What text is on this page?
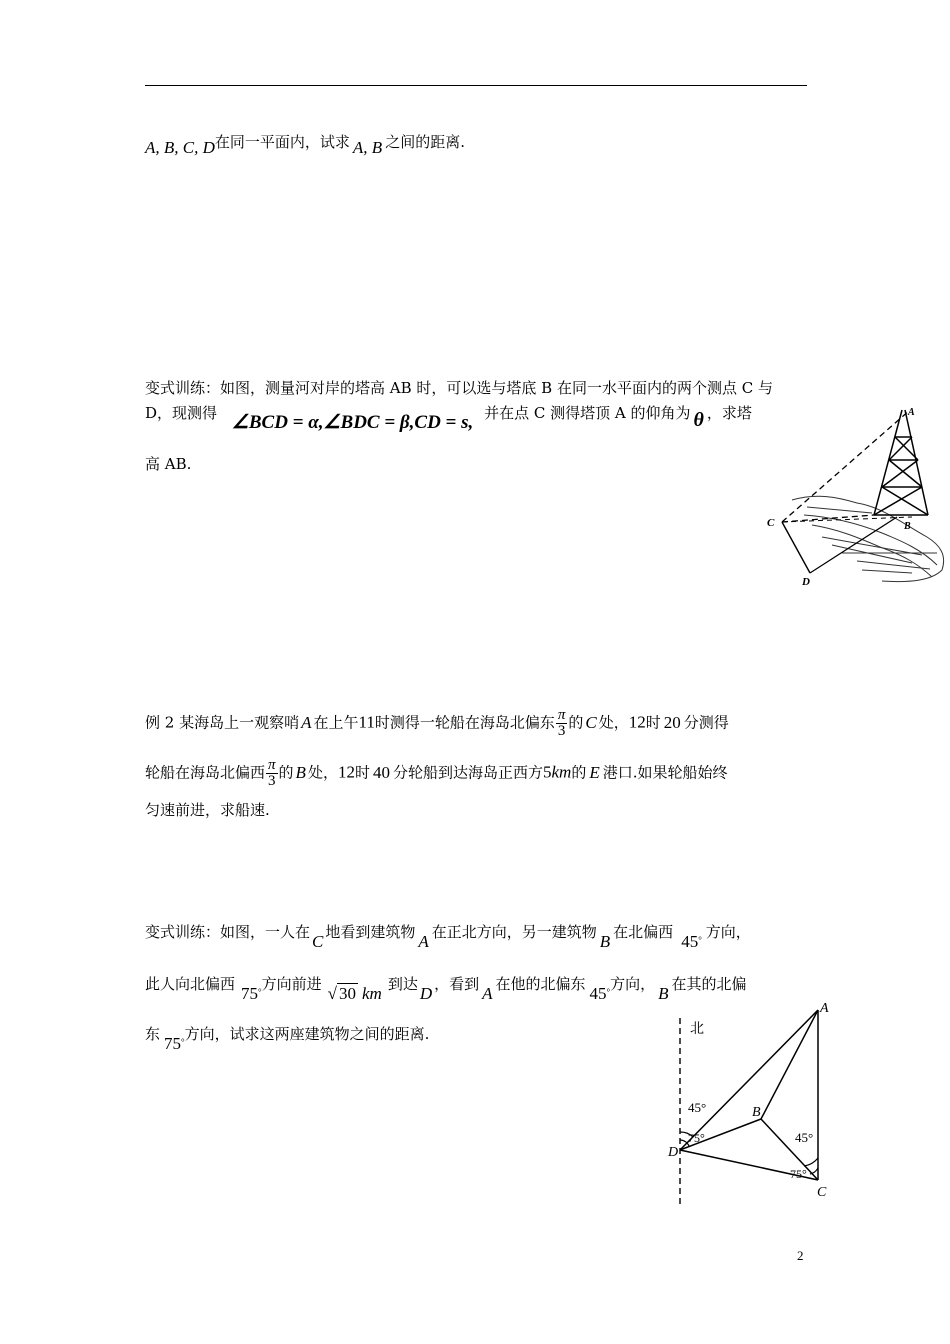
A, B, C, D在同一平面内，试求 A, B 之间的距离.
变式训练：如图，测量河对岸的塔高 AB 时，可以选与塔底 B 在同一水平面内的两个测点 C 与
D，现测得 ∠BCD = α,∠BDC = β,CD = s, 并在点 C 测得塔顶 A 的仰角为 θ ，求塔
高 AB.
A
B
C
D
例 2 某海岛上一观察哨 A 在上午11时测得一轮船在海岛北偏东 $\frac{\pi}{3}$ 的 C 处，12时 20 分测得
轮船在海岛北偏西 $\frac{\pi}{3}$ 的 B 处，12时 40 分轮船到达海岛正西方5km的 E 港口.如果轮船始终
匀速前进，求船速.
变式训练：如图，一人在 C 地看到建筑物 A 在正北方向，另一建筑物 B 在北偏西 45° 方向，
此人向北偏西 75°方向前进 √ 30 km 到达 D ，看到 A 在他的北偏东 45°方向， B 在其的北偏
东 75°方向，试求这两座建筑物之间的距离.	北
A
B
C
D
45°
75°	45°
75°
2
